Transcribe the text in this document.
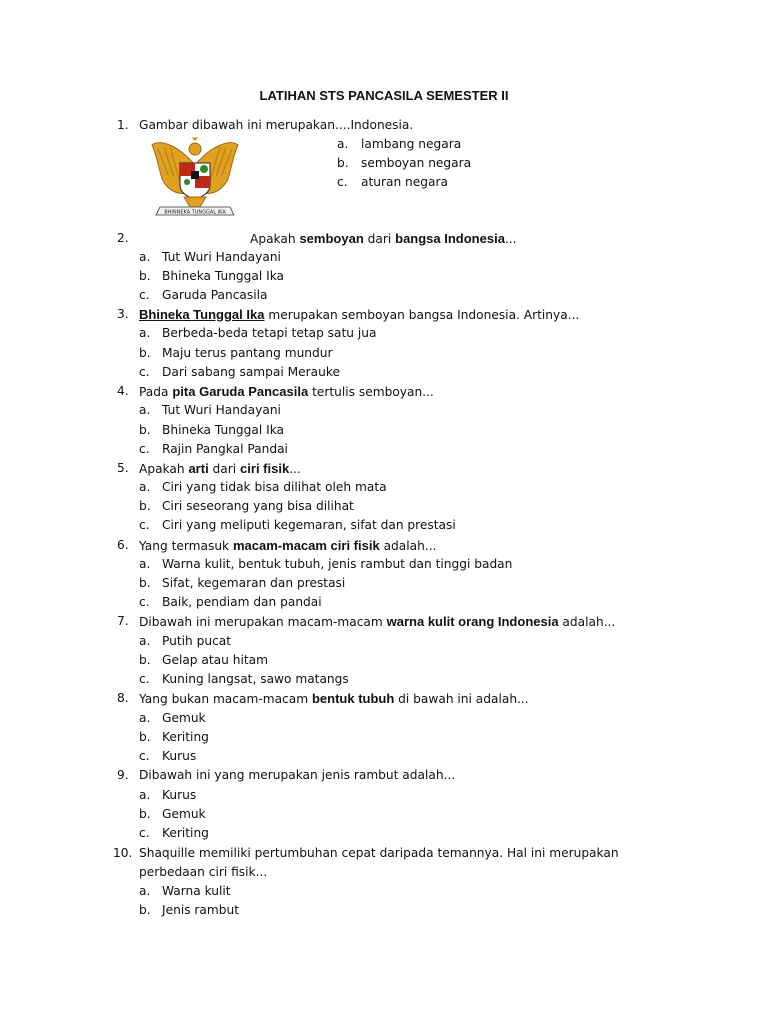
LATIHAN STS PANCASILA SEMESTER II
1. Gambar dibawah ini merupakan....Indonesia.
BHINNEKA TUNGGAL IKA
a. lambang negara
b. semboyan negara
c. aturan negara
2.	Apakah semboyan dari bangsa Indonesia...
a. Tut Wuri Handayani
b. Bhineka Tunggal Ika
c. Garuda Pancasila
3. Bhineka Tunggal Ika merupakan semboyan bangsa Indonesia. Artinya...
a. Berbeda-beda tetapi tetap satu jua
b. Maju terus pantang mundur
c. Dari sabang sampai Merauke
4. Pada pita Garuda Pancasila tertulis semboyan...
a. Tut Wuri Handayani
b. Bhineka Tunggal Ika
c. Rajin Pangkal Pandai
5. Apakah arti dari ciri fisik...
a. Ciri yang tidak bisa dilihat oleh mata
b. Ciri seseorang yang bisa dilihat
c. Ciri yang meliputi kegemaran, sifat dan prestasi
6. Yang termasuk macam-macam ciri fisik adalah...
a. Warna kulit, bentuk tubuh, jenis rambut dan tinggi badan
b. Sifat, kegemaran dan prestasi
c. Baik, pendiam dan pandai
7. Dibawah ini merupakan macam-macam warna kulit orang Indonesia adalah...
a. Putih pucat
b. Gelap atau hitam
c. Kuning langsat, sawo matangs
8. Yang bukan macam-macam bentuk tubuh di bawah ini adalah...
a. Gemuk
b. Keriting
c. Kurus
9. Dibawah ini yang merupakan jenis rambut adalah...
a. Kurus
b. Gemuk
c. Keriting
10. Shaquille memiliki pertumbuhan cepat daripada temannya. Hal ini merupakan
perbedaan ciri fisik...
a. Warna kulit
b. Jenis rambut
